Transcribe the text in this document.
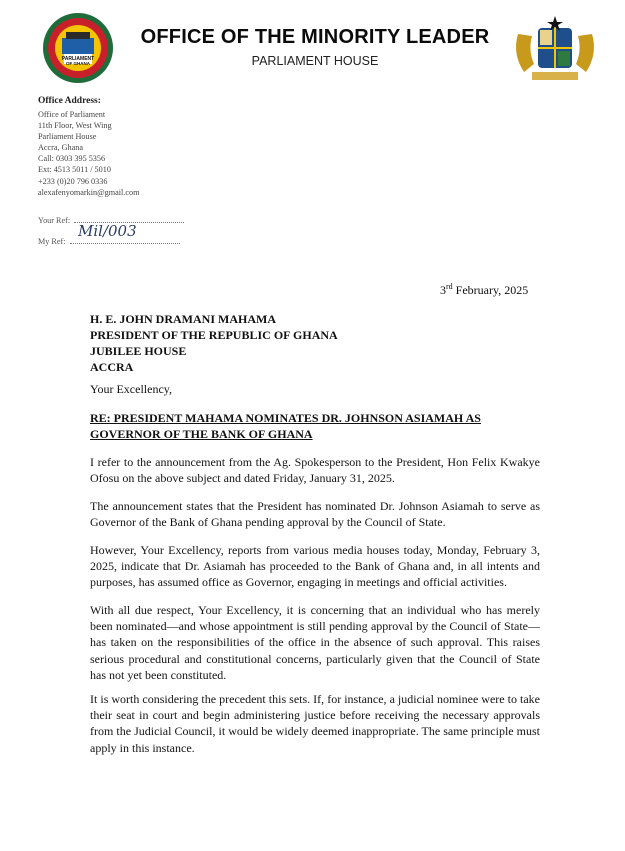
PARLIAMENT
OF GHANA
OFFICE OF THE MINORITY LEADER
PARLIAMENT HOUSE
Office Address:
Office of Parliament
11th Floor, West Wing
Parliament House
Accra, Ghana
Call: 0303 395 5356
Ext: 4513 5011 / 5010
+233 (0)20 796 0336
alexafenyomarkin@gmail.com
Your Ref:
My Ref:
Mil/003
3rd February, 2025
H. E. JOHN DRAMANI MAHAMA
PRESIDENT OF THE REPUBLIC OF GHANA
JUBILEE HOUSE
ACCRA
Your Excellency,
RE: PRESIDENT MAHAMA NOMINATES DR. JOHNSON ASIAMAH AS
GOVERNOR OF THE BANK OF GHANA
I refer to the announcement from the Ag. Spokesperson to the President, Hon Felix Kwakye Ofosu on the above subject and dated Friday, January 31, 2025.
The announcement states that the President has nominated Dr. Johnson Asiamah to serve as Governor of the Bank of Ghana pending approval by the Council of State.
However, Your Excellency, reports from various media houses today, Monday, February 3, 2025, indicate that Dr. Asiamah has proceeded to the Bank of Ghana and, in all intents and purposes, has assumed office as Governor, engaging in meetings and official activities.
With all due respect, Your Excellency, it is concerning that an individual who has merely been nominated—and whose appointment is still pending approval by the Council of State—has taken on the responsibilities of the office in the absence of such approval. This raises serious procedural and constitutional concerns, particularly given that the Council of State has not yet been constituted.
It is worth considering the precedent this sets. If, for instance, a judicial nominee were to take their seat in court and begin administering justice before receiving the necessary approvals from the Judicial Council, it would be widely deemed inappropriate. The same principle must apply in this instance.
